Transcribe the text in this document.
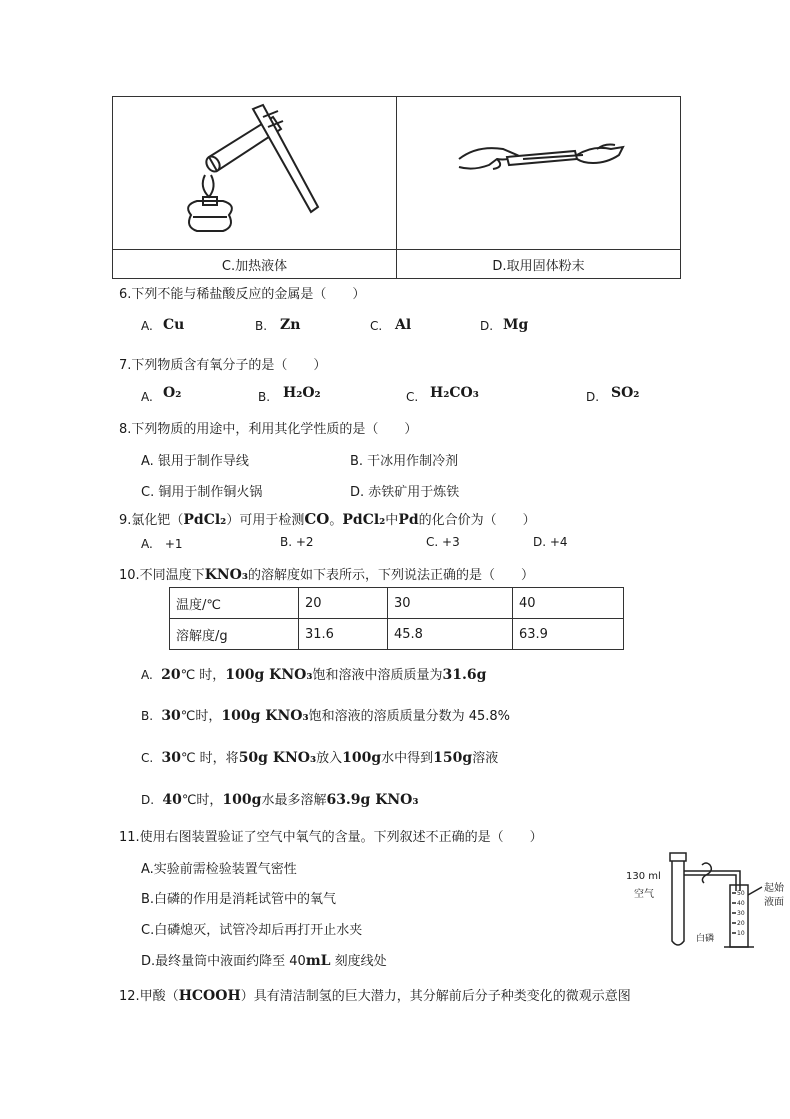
C.加热液体	D.取用固体粉末
6.下列不能与稀盐酸反应的金属是（　　）
A. Cu	B. Zn	C. Al	D. Mg
7.下列物质含有氧分子的是（　　）
A. O₂	B. H₂O₂	C. H₂CO₃	D. SO₂
8.下列物质的用途中，利用其化学性质的是（　　）
A. 银用于制作导线	B. 干冰用作制冷剂
C. 铜用于制作铜火锅	D. 赤铁矿用于炼铁
9.氯化钯（PdCl₂）可用于检测CO。PdCl₂中Pd的化合价为（　　）
A.　+1	B. +2	C. +3	D. +4
10.不同温度下KNO₃的溶解度如下表所示，下列说法正确的是（　　）
温度/℃	20	30	40
溶解度/g	31.6	45.8	63.9
A. 20℃ 时，100g KNO₃饱和溶液中溶质质量为31.6g
B. 30℃时，100g KNO₃饱和溶液的溶质质量分数为 45.8%
C. 30℃ 时，将50g KNO₃放入100g水中得到150g溶液
D. 40℃时，100g水最多溶解63.9g KNO₃
11.使用右图装置验证了空气中氧气的含量。下列叙述不正确的是（　　）
A.实验前需检验装置气密性
B.白磷的作用是消耗试管中的氧气
C.白磷熄灭，试管冷却后再打开止水夹
D.最终量筒中液面约降至 40mL 刻度线处
130 ml
空气
白磷
起始
液面
50
40
30
20
10
12.甲酸（HCOOH）具有清洁制氢的巨大潜力，其分解前后分子种类变化的微观示意图
